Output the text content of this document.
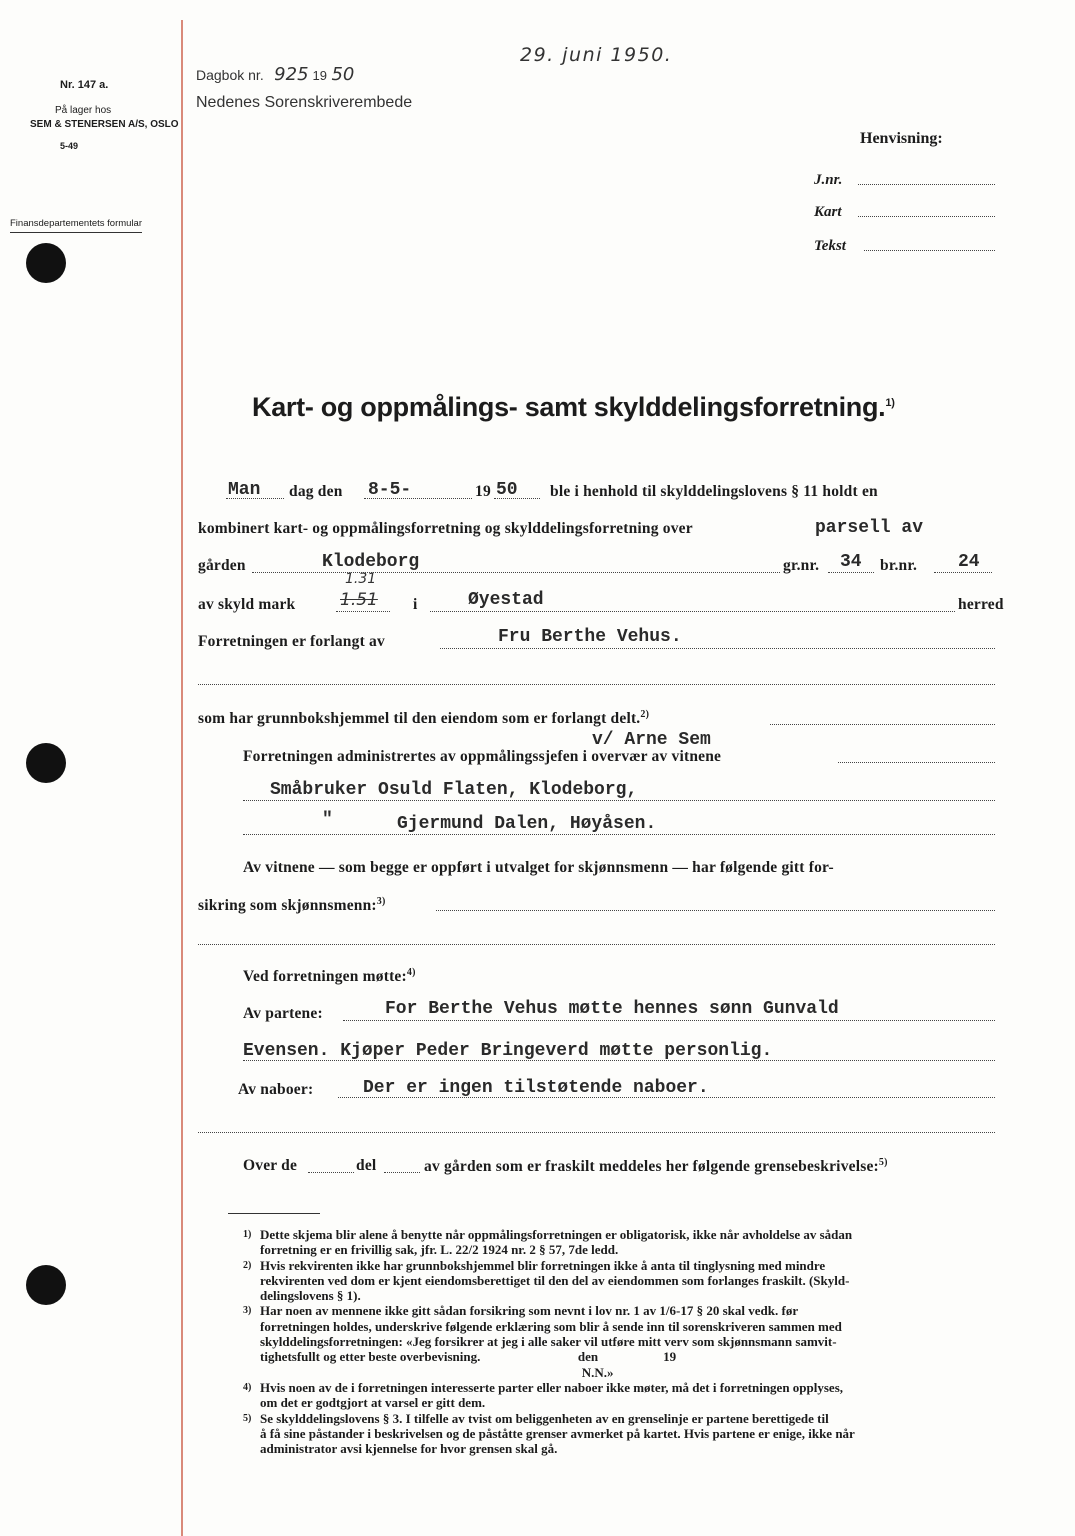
Nr. 147 a.
På lager hos
SEM & STENERSEN A/S, OSLO
5-49
Finansdepartementets formular
Dagbok nr. 925 19 50
Nedenes Sorenskriverembede
29. juni 1950.
Henvisning:
J.nr.
Kart
Tekst
Kart- og oppmålings- samt skylddelingsforretning.$^{1)}$
Man dag den 8-5-	19 50 ble i henhold til skylddelingslovens § 11 holdt en
kombinert kart- og oppmålingsforretning og skylddelingsforretning over	parsell av
gården	Klodeborg	gr.nr. 34 br.nr. 24
av skyld mark
1.31
1.51 i	Øyestad	herred
Forretningen er forlangt av	Fru Berthe Vehus.
som har grunnbokshjemmel til den eiendom som er forlangt delt.$^{2)}$
v/ Arne Sem
Forretningen administrertes av oppmålingssjefen i overvær av vitnene
Småbruker Osuld Flaten, Klodeborg,
"	Gjermund Dalen, Høyåsen.
Av vitnene — som begge er oppført i utvalget for skjønnsmenn — har følgende gitt for-
sikring som skjønnsmenn:$^{3)}$
Ved forretningen møtte:$^{4)}$
Av partene:	For Berthe Vehus møtte hennes sønn Gunvald
Evensen. Kjøper Peder Bringeverd møtte personlig.
Av naboer:	Der er ingen tilstøtende naboer.
Over de	del	av gården som er fraskilt meddeles her følgende grensebeskrivelse:$^{5)}$
1) Dette skjema blir alene å benytte når oppmålingsforretningen er obligatorisk, ikke når avholdelse av sådan
forretning er en frivillig sak, jfr. L. 22/2 1924 nr. 2 § 57, 7de ledd.
2) Hvis rekvirenten ikke har grunnbokshjemmel blir forretningen ikke å anta til tinglysning med mindre
rekvirenten ved dom er kjent eiendomsberettiget til den del av eiendommen som forlanges fraskilt. (Skyld-
delingslovens § 1).
3) Har noen av mennene ikke gitt sådan forsikring som nevnt i lov nr. 1 av 1/6-17 § 20 skal vedk. før
forretningen holdes, underskrive følgende erklæring som blir å sende inn til sorenskriveren sammen med
skylddelingsforretningen: «Jeg forsikrer at jeg i alle saker vil utføre mitt verv som skjønnsmann samvit-
tighetsfullt og etter beste overbevisning.                              den                    19
N.N.»
4) Hvis noen av de i forretningen interesserte parter eller naboer ikke møter, må det i forretningen opplyses,
om det er godtgjort at varsel er gitt dem.
5) Se skylddelingslovens § 3. I tilfelle av tvist om beliggenheten av en grenselinje er partene berettigede til
å få sine påstander i beskrivelsen og de påståtte grenser avmerket på kartet. Hvis partene er enige, ikke når
administrator avsi kjennelse for hvor grensen skal gå.
